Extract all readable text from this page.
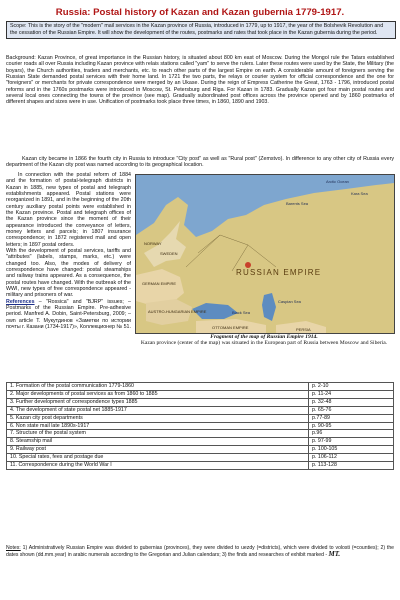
Russia: Postal history of Kazan and Kazan gubernia 1779-1917.
Scope: This is the story of the "modern" mail services in the Kazan province of Russia, introduced in 1779, up to 1917, the year of the Bolshevik Revolution and the cessation of the Russian Empire. It will show the development of the routes, postmarks and rates that took place in the Kazan gubernia during the period.
Background: Kazan Province, of great importance in the Russian history, is situated about 800 km east of Moscow. During the Mongol rule the Tatars established courier roads all over Russia including Kazan province with relais stations called "yam" to serve the rulers. Later these routes were used by the State, the Military (the boyars), the Church authorities, traders and merchants, etc. to reach other parts of the largest Empire on earth. A considerable amount of foreigners serving the Russian State demanded postal services with their home land. In 1721 the two parts, the relays or courier system for official correspondence and the one for "foreigners" or merchants for private correspondence were merged by an Ukase. During the reign of Empress Catherine the Great, 1763 - 1796, introduced postal reforms and in the 1760s postmarks were introduced in Moscow, St. Petersburg and Riga. For Kazan in 1783. Gradually Kazan got four main postal routes and several local ones connecting the towns of the province (see map). Gradually subordinated post offices across the province opened and by 1860 postmarks of different shapes and sizes were in use. Unification of postmarks took place three times, in 1860, 1890 and 1903.
Kazan city became in 1866 the fourth city in Russia to introduce "City post" as well as "Rural post" (Zemstvo). In difference to any other city of Russia every department of the Kazan city post was named according to its geographical location.

In connection with the postal reform of 1884 and the formation of postal-telegraph districts in Kazan in 1885, new types of postal and telegraph establishments appeared. Postal stations were reorganized in 1891, and in the beginning of the 20th century auxiliary postal points were established in the Kazan province. Postal and telegraph offices of the Kazan province since the moment of their appearance introduced the conveyance of letters, money letters and parcels; in 1807 insurance correspondence; in 1872 registered mail and open letters; in 1897 postal orders.

With the development of postal services, tariffs and "attributes" (labels, stamps, marks, etc.) were changed too. Also, the modes of delivery of correspondence have changed: postal steamships and railway trains appeared. As a consequence, the postal routes have changed. With the outbreak of the WWI, new types of free correspondence appeared - military and prisoners of war.

References – "Rossica" and "BJRP" issues; – Postmarks of the Russian Empire. Pre-adhesive period. Manfred A. Dobin, Saint-Petersburg, 2009; – own article Т. Мукутдинов «Заметки по истории почты г. Казани (1734-1917)», Коллекционер № 51.

Barents Sea
Kara Sea
Arctic Ocean
Black Sea
Caspian Sea
RUSSIAN EMPIRE
GERMAN EMPIRE
AUSTRO-HUNGARIAN EMPIRE
OTTOMAN EMPIRE
SWEDEN
NORWAY
PERSIA
Fragment of the map of Russian Empire 1914.
Kazan province (center of the map) was situated in the European part of Russia between Moscow and Siberia.
1. Formation of the postal communication 1779-1860	p. 2-10
2. Major developments of postal services as from 1860 to 1885	p. 11-24
3. Further development of correspondence types 1885	p. 32-48
4. The development of state postal net 1885-1917	p. 65-76
5. Kazan city post departments	p.77-89
6. Non state mail late 1890s-1917	p. 90-95
7. Structure of the postal system	p.96
8. Steamship mail	p. 97-99
9. Railway post	p. 100-105
10. Special rates, fees and postage due	p. 106-112
11. Correspondence during the World War I	p. 113-128
Notes: 1) Administratively Russian Empire was divided to gubernias (provinces), they were divided to uezdy (=districts), which were divided to volosti (=counties); 2) the dates shown (dd.mm.year) in arabic numerals according to the Gregorian and Julian calendars; 3) the finds and researches of exhibit marked - MT.
